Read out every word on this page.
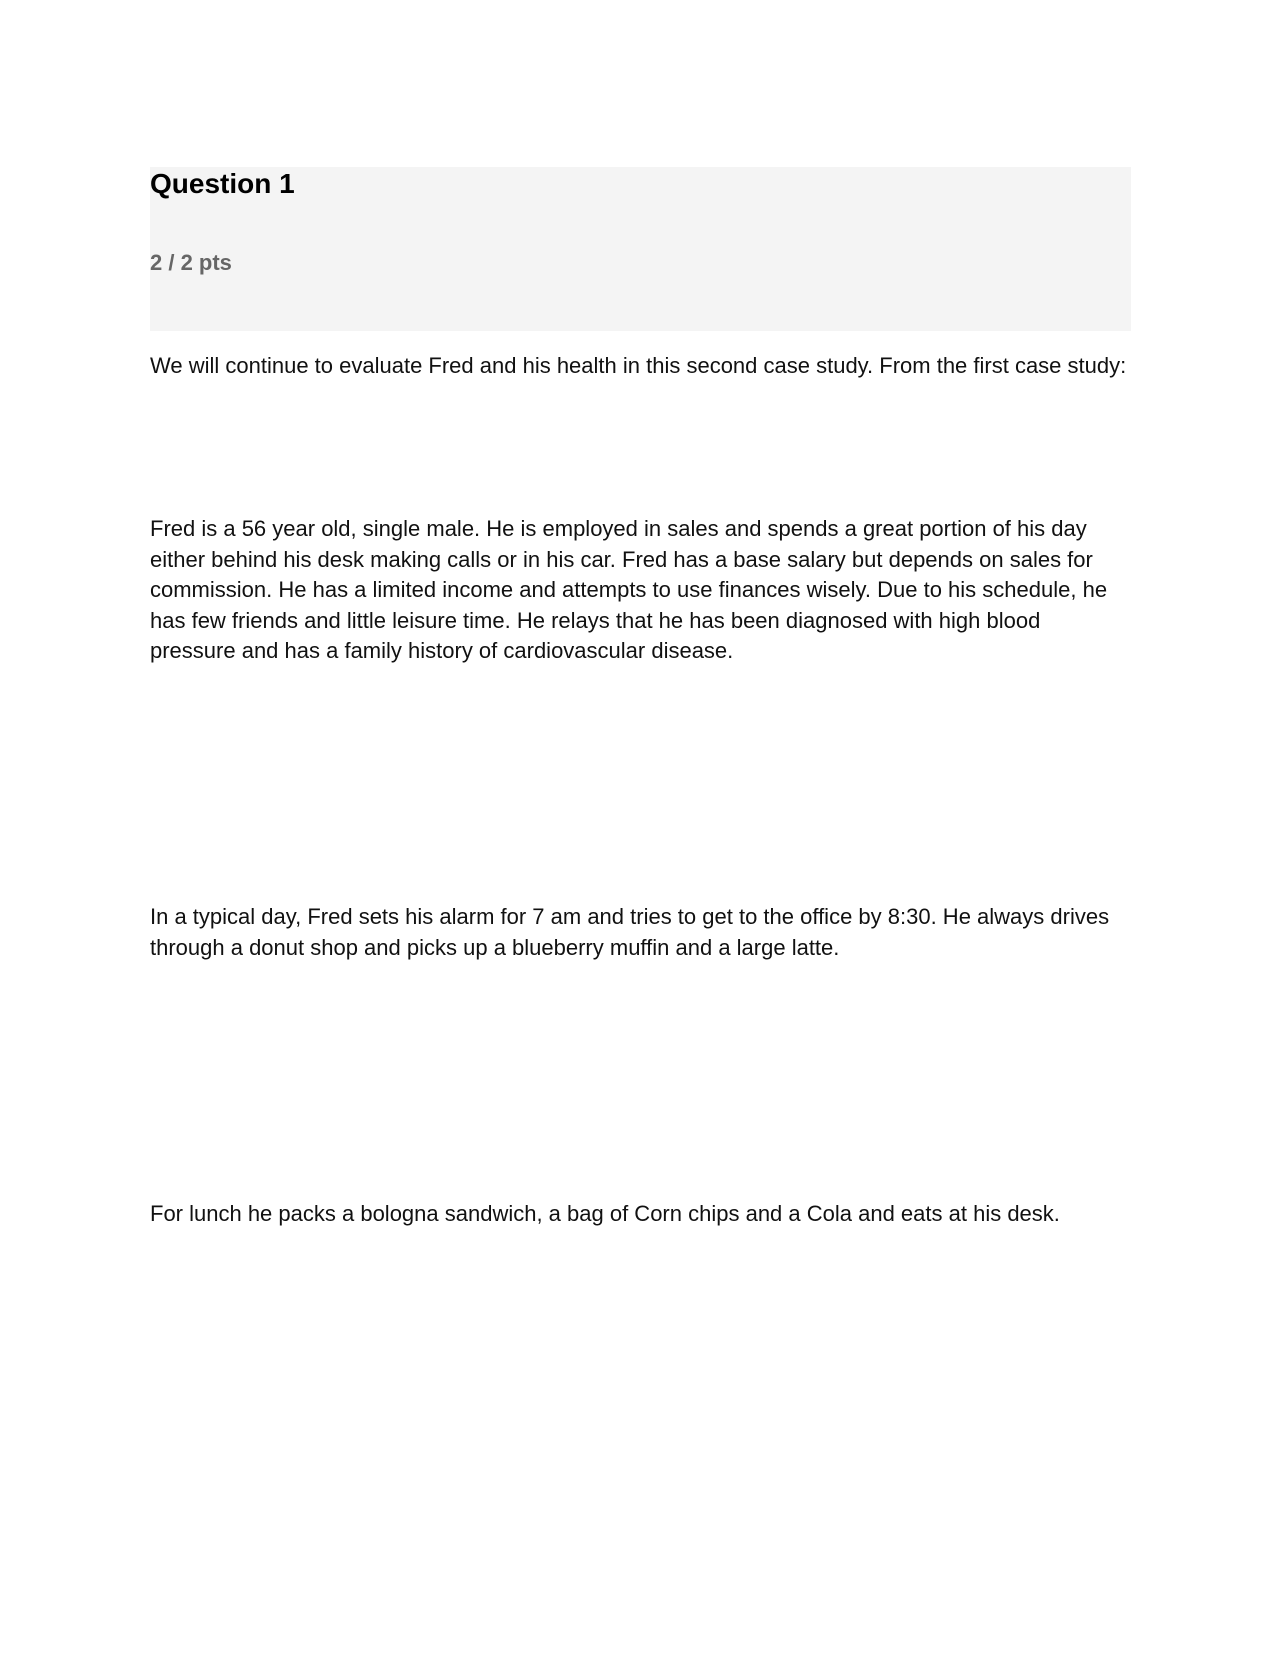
Question 1
2 / 2 pts

We will continue to evaluate Fred and his health in this second case study. From the first case study:

Fred is a 56 year old, single male. He is employed in sales and spends a great portion of his day either behind his desk making calls or in his car. Fred has a base salary but depends on sales for commission. He has a limited income and attempts to use finances wisely. Due to his schedule, he has few friends and little leisure time. He relays that he has been diagnosed with high blood pressure and has a family history of cardiovascular disease.

In a typical day, Fred sets his alarm for 7 am and tries to get to the office by 8:30. He always drives through a donut shop and picks up a blueberry muffin and a large latte.

For lunch he packs a bologna sandwich, a bag of Corn chips and a Cola and eats at his desk.
